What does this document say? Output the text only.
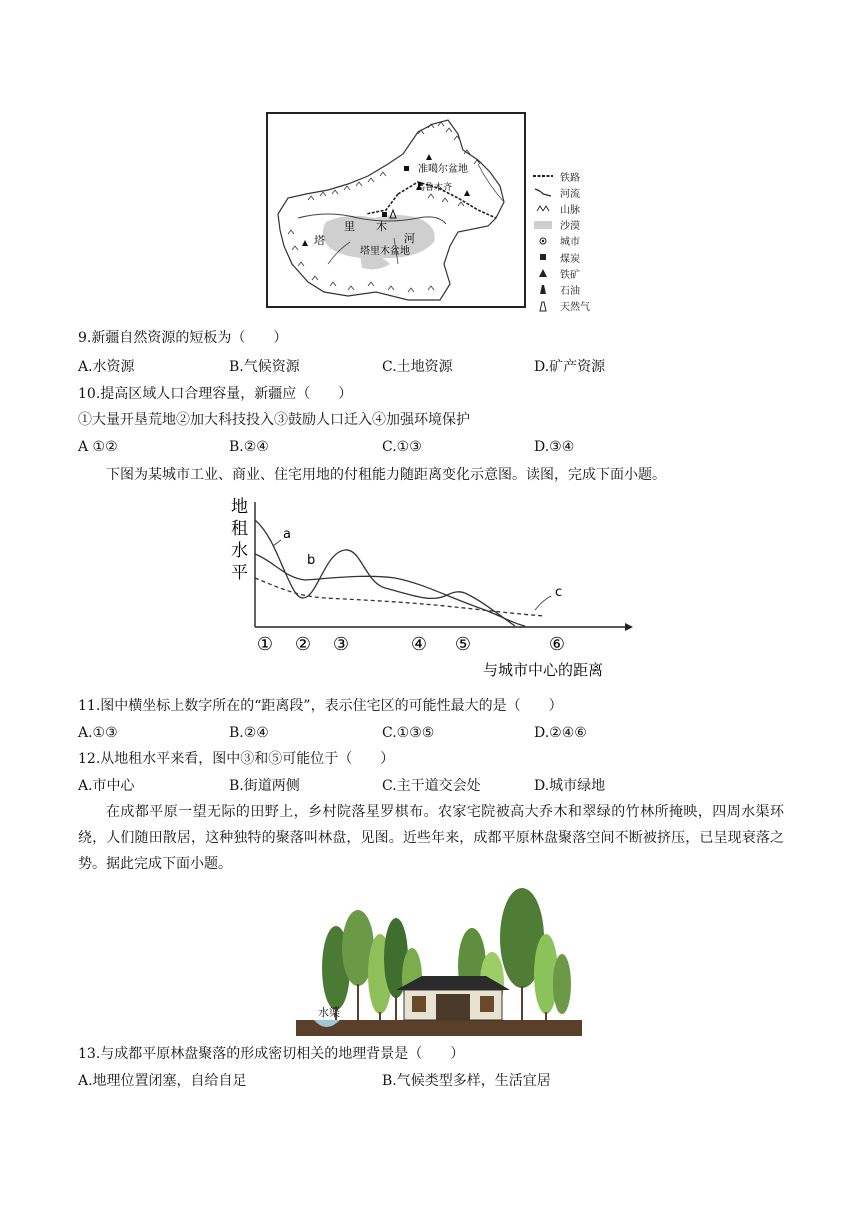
准噶尔盆地
乌鲁木齐
塔
里 木
河
塔里木盆地
铁路
河流
山脉
沙漠
城市
煤炭
铁矿
石油
天然气
9.新疆自然资源的短板为（　　）
A.水资源	B.气候资源	C.土地资源	D.矿产资源
10.提高区域人口合理容量，新疆应（　　）
①大量开垦荒地②加大科技投入③鼓励人口迁入④加强环境保护
A ①②	B.②④	C.①③	D.③④
下图为某城市工业、商业、住宅用地的付租能力随距离变化示意图。读图，完成下面小题。
地
租
水
平
a
b
c
① ② ③	④ ⑤	⑥
与城市中心的距离
11.图中横坐标上数字所在的“距离段”，表示住宅区的可能性最大的是（　　）
A.①③	B.②④	C.①③⑤	D.②④⑥
12.从地租水平来看，图中③和⑤可能位于（　　）
A.市中心	B.街道两侧	C.主干道交会处	D.城市绿地
在成都平原一望无际的田野上，乡村院落星罗棋布。农家宅院被高大乔木和翠绿的竹林所掩映，四周水渠环绕，人们随田散居，这种独特的聚落叫林盘，见图。近些年来，成都平原林盘聚落空间不断被挤压，已呈现衰落之势。据此完成下面小题。
水渠
13.与成都平原林盘聚落的形成密切相关的地理背景是（　　）
A.地理位置闭塞，自给自足	B.气候类型多样，生活宜居
